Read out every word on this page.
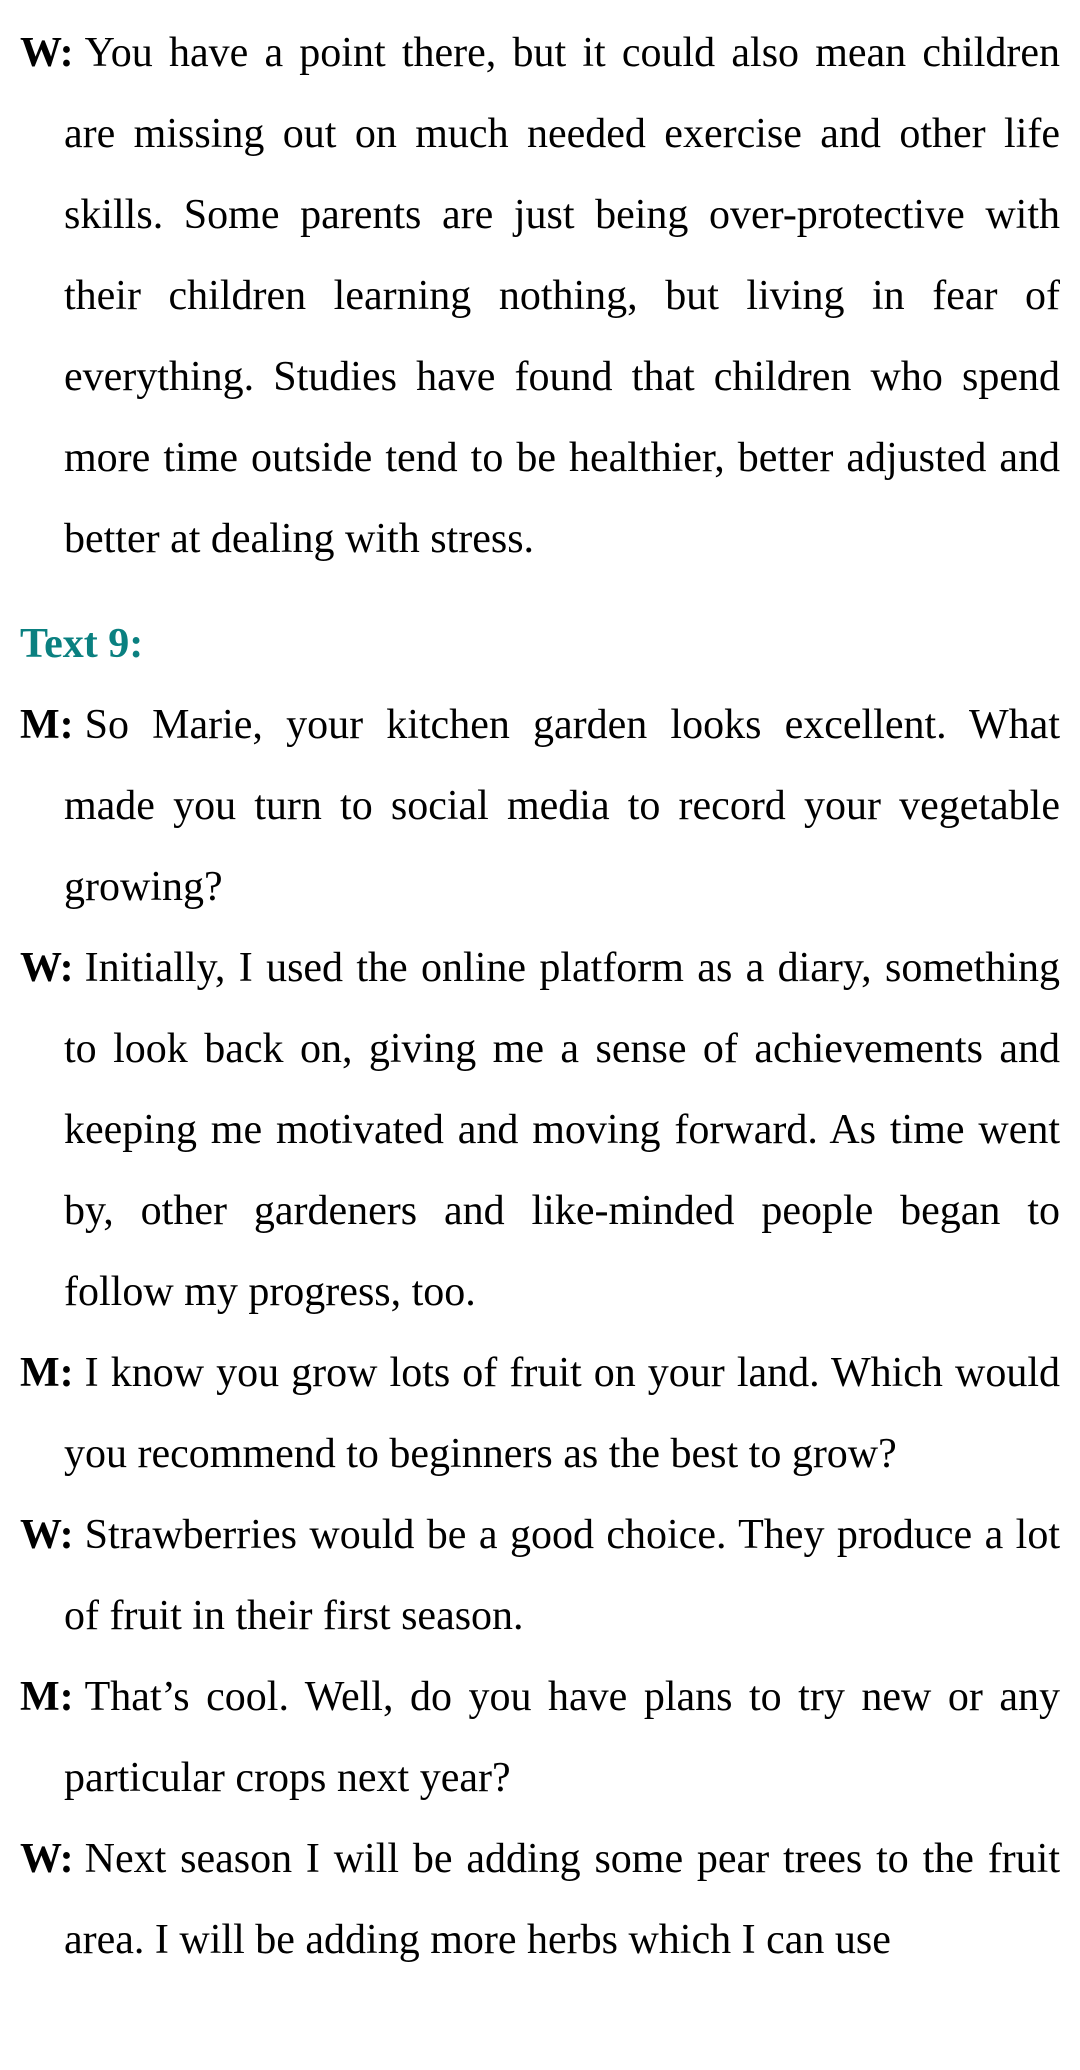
W: You have a point there, but it could also mean children are missing out on much needed exercise and other life skills. Some parents are just being over-protective with their children learning nothing, but living in fear of everything. Studies have found that children who spend more time outside tend to be healthier, better adjusted and better at dealing with stress.

Text 9:

M: So Marie, your kitchen garden looks excellent. What made you turn to social media to record your vegetable growing?

W: Initially, I used the online platform as a diary, something to look back on, giving me a sense of achievements and keeping me motivated and moving forward. As time went by, other gardeners and like-minded people began to follow my progress, too.

M: I know you grow lots of fruit on your land. Which would you recommend to beginners as the best to grow?

W: Strawberries would be a good choice. They produce a lot of fruit in their first season.

M: That’s cool. Well, do you have plans to try new or any particular crops next year?

W: Next season I will be adding some pear trees to the fruit area. I will be adding more herbs which I can use
